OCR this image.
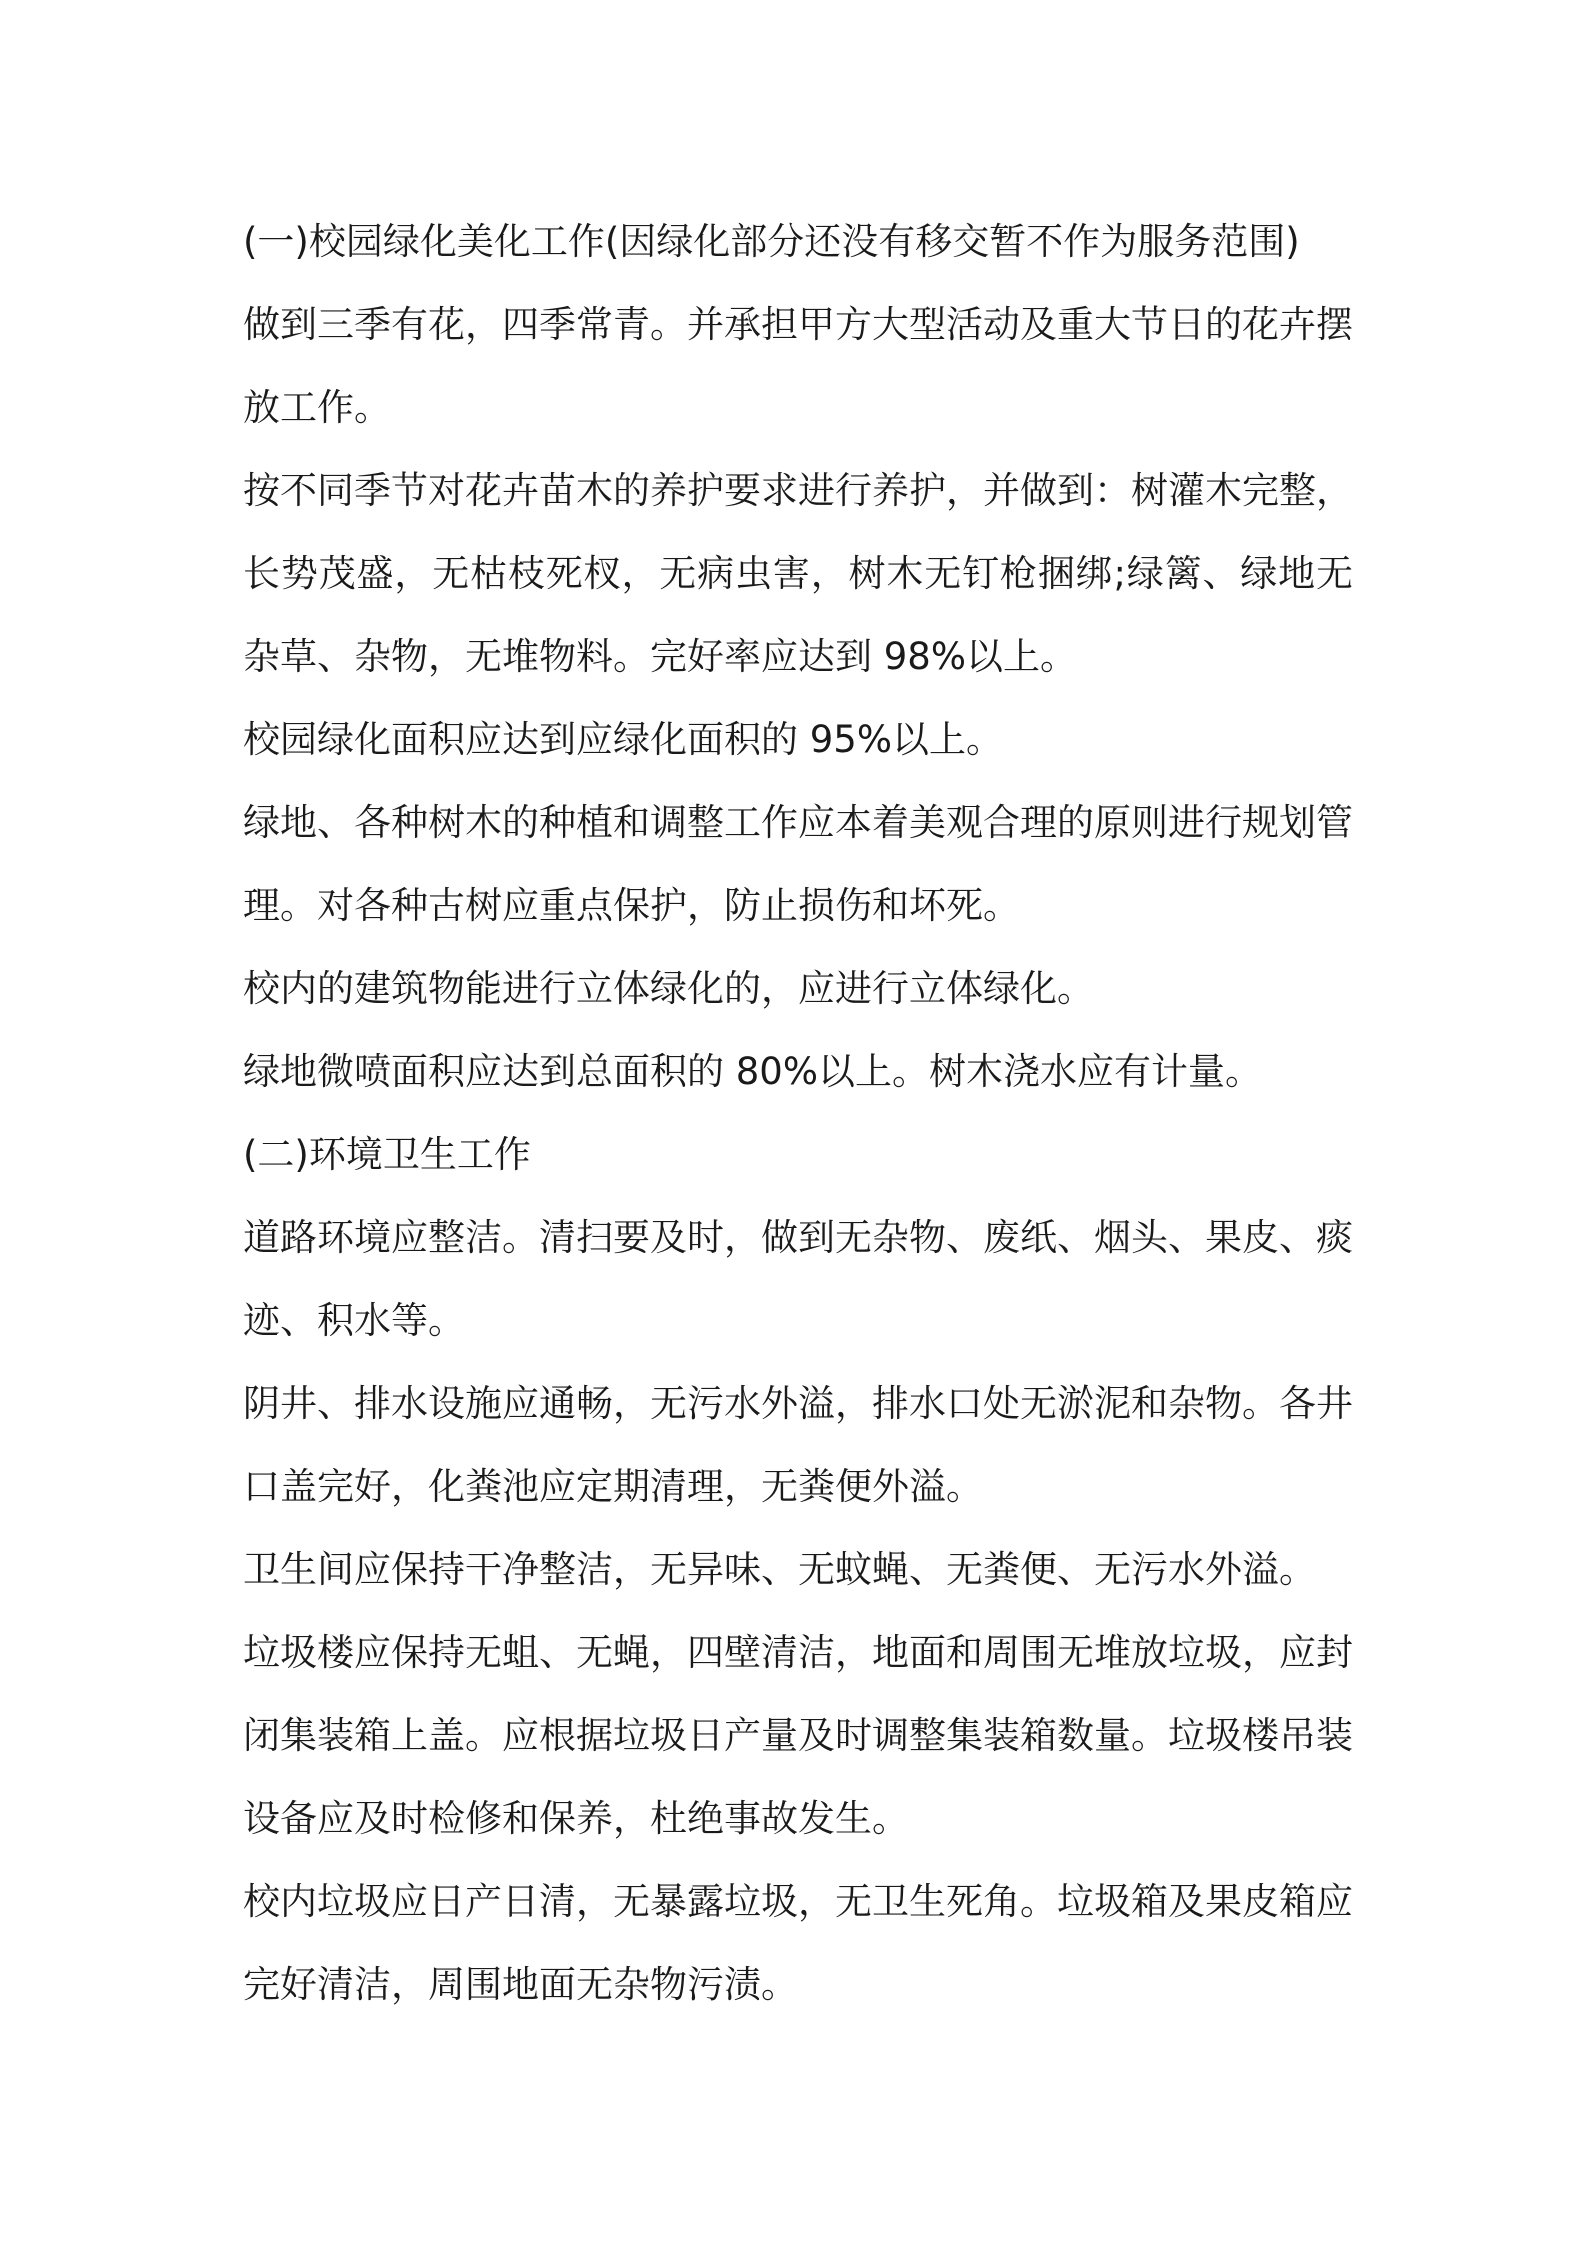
(一)校园绿化美化工作(因绿化部分还没有移交暂不作为服务范围)

做到三季有花，四季常青。并承担甲方大型活动及重大节日的花卉摆放工作。

按不同季节对花卉苗木的养护要求进行养护，并做到：树灌木完整，长势茂盛，无枯枝死杈，无病虫害，树木无钉枪捆绑;绿篱、绿地无杂草、杂物，无堆物料。完好率应达到 98%以上。

校园绿化面积应达到应绿化面积的 95%以上。

绿地、各种树木的种植和调整工作应本着美观合理的原则进行规划管理。对各种古树应重点保护，防止损伤和坏死。

校内的建筑物能进行立体绿化的，应进行立体绿化。

绿地微喷面积应达到总面积的 80%以上。树木浇水应有计量。

(二)环境卫生工作

道路环境应整洁。清扫要及时，做到无杂物、废纸、烟头、果皮、痰迹、积水等。

阴井、排水设施应通畅，无污水外溢，排水口处无淤泥和杂物。各井口盖完好，化粪池应定期清理，无粪便外溢。

卫生间应保持干净整洁，无异味、无蚊蝇、无粪便、无污水外溢。

垃圾楼应保持无蛆、无蝇，四壁清洁，地面和周围无堆放垃圾，应封闭集装箱上盖。应根据垃圾日产量及时调整集装箱数量。垃圾楼吊装设备应及时检修和保养，杜绝事故发生。

校内垃圾应日产日清，无暴露垃圾，无卫生死角。垃圾箱及果皮箱应完好清洁，周围地面无杂物污渍。
